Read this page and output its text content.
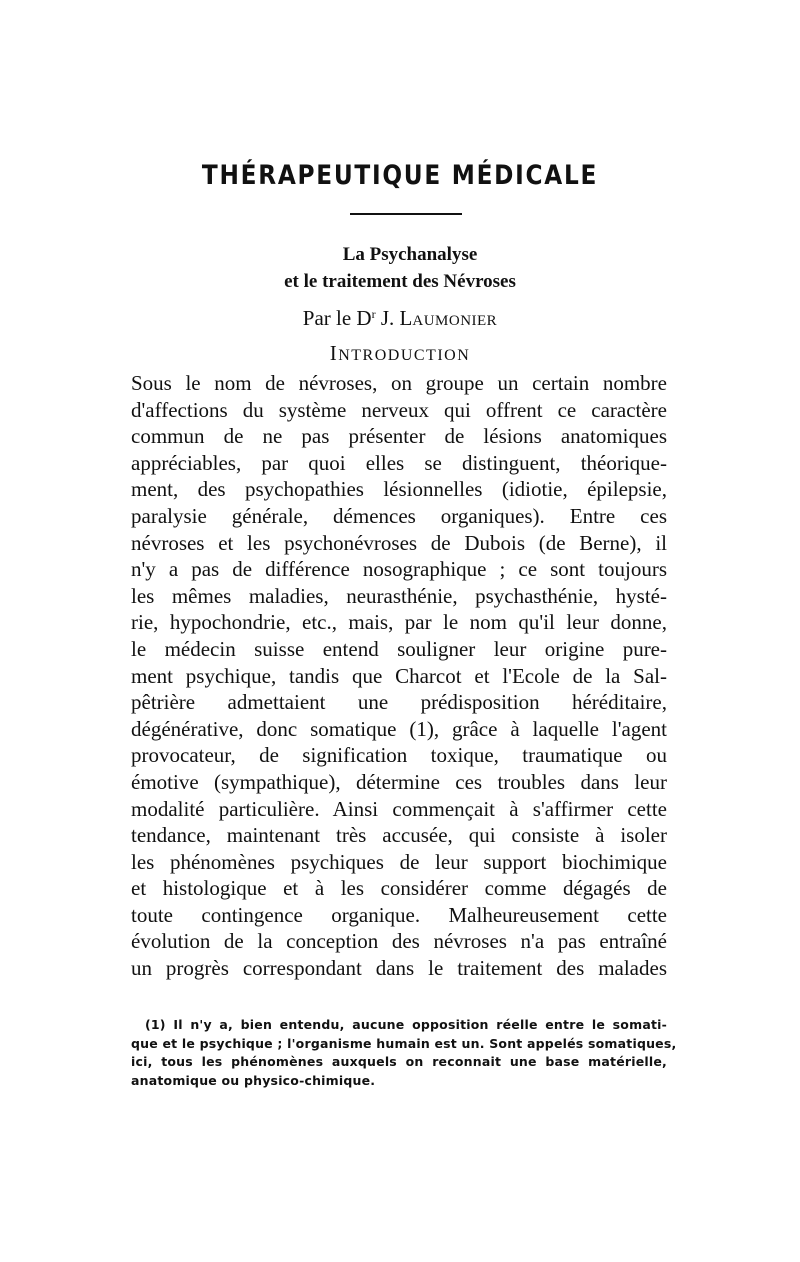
THÉRAPEUTIQUE MÉDICALE
La Psychanalyse
et le traitement des Névroses
Par le $D^r$ J. LAUMONIER
INTRODUCTION
Sous le nom de névroses, on groupe un certain nombre
d'affections du système nerveux qui offrent ce caractère
commun de ne pas présenter de lésions anatomiques
appréciables, par quoi elles se distinguent, théorique-
ment, des psychopathies lésionnelles (idiotie, épilepsie,
paralysie générale, démences organiques). Entre ces
névroses et les psychonévroses de Dubois (de Berne), il
n'y a pas de différence nosographique ; ce sont toujours
les mêmes maladies, neurasthénie, psychasthénie, hysté-
rie, hypochondrie, etc., mais, par le nom qu'il leur donne,
le médecin suisse entend souligner leur origine pure-
ment psychique, tandis que Charcot et l'Ecole de la Sal-
pêtrière admettaient une prédisposition héréditaire,
dégénérative, donc somatique (1), grâce à laquelle l'agent
provocateur, de signification toxique, traumatique ou
émotive (sympathique), détermine ces troubles dans leur
modalité particulière. Ainsi commençait à s'affirmer cette
tendance, maintenant très accusée, qui consiste à isoler
les phénomènes psychiques de leur support biochimique
et histologique et à les considérer comme dégagés de
toute contingence organique. Malheureusement cette
évolution de la conception des névroses n'a pas entraîné
un progrès correspondant dans le traitement des malades
(1) Il n'y a, bien entendu, aucune opposition réelle entre le somati-
que et le psychique ; l'organisme humain est un. Sont appelés somatiques,
ici, tous les phénomènes auxquels on reconnait une base matérielle,
anatomique ou physico-chimique.
